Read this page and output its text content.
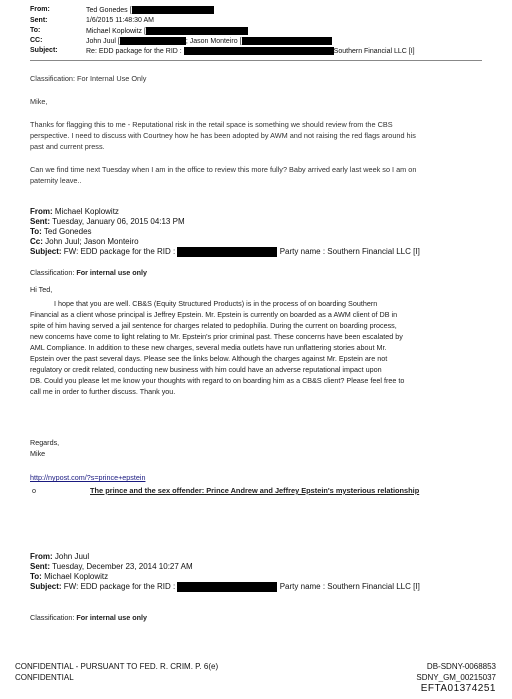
From:	Ted Gonedes [
Sent:	1/6/2015 11:48:30 AM
To:	Michael Koplowitz [
CC:	John Juul [	; Jason Monteiro [
Subject:	Re: EDD package for the RID :	Southern Financial LLC [I]
Classification: For Internal Use Only
Mike,
Thanks for flagging this to me - Reputational risk in the retail space is something we should review from the CBS
perspective. I need to discuss with Courtney how he has been adopted by AWM and not raising the red flags around his
past and current press.
Can we find time next Tuesday when I am in the office to review this more fully? Baby arrived early last week so I am on
paternity leave..
From: Michael Koplowitz
Sent: Tuesday, January 06, 2015 04:13 PM
To: Ted Gonedes
Cc: John Juul; Jason Monteiro
Subject: FW: EDD package for the RID :	Party name : Southern Financial LLC [I]
Classification: For internal use only
Hi Ted,
I hope that you are well. CB&S (Equity Structured Products) is in the process of on boarding Southern
Financial as a client whose principal is Jeffrey Epstein. Mr. Epstein is currently on boarded as a AWM client of DB in
spite of him having served a jail sentence for charges related to pedophilia. During the current on boarding process,
new concerns have come to light relating to Mr. Epstein's prior criminal past. These concerns have been escalated by
AML Compliance. In addition to these new charges, several media outlets have run unflattering stories about Mr.
Epstein over the past several days. Please see the links below. Although the charges against Mr. Epstein are not
regulatory or credit related, conducting new business with him could have an adverse reputational impact upon
DB. Could you please let me know your thoughts with regard to on boarding him as a CB&S client? Please feel free to
call me in order to further discuss. Thank you.
Regards,
Mike
http://nypost.com/?s=prince+epstein
o	The prince and the sex offender: Prince Andrew and Jeffrey Epstein's mysterious relationship
From: John Juul
Sent: Tuesday, December 23, 2014 10:27 AM
To: Michael Koplowitz
Subject: FW: EDD package for the RID :	Party name : Southern Financial LLC [I]
Classification: For internal use only
CONFIDENTIAL - PURSUANT TO FED. R. CRIM. P. 6(e)
CONFIDENTIAL
DB-SDNY-0068853
SDNY_GM_00215037
EFTA01374251
